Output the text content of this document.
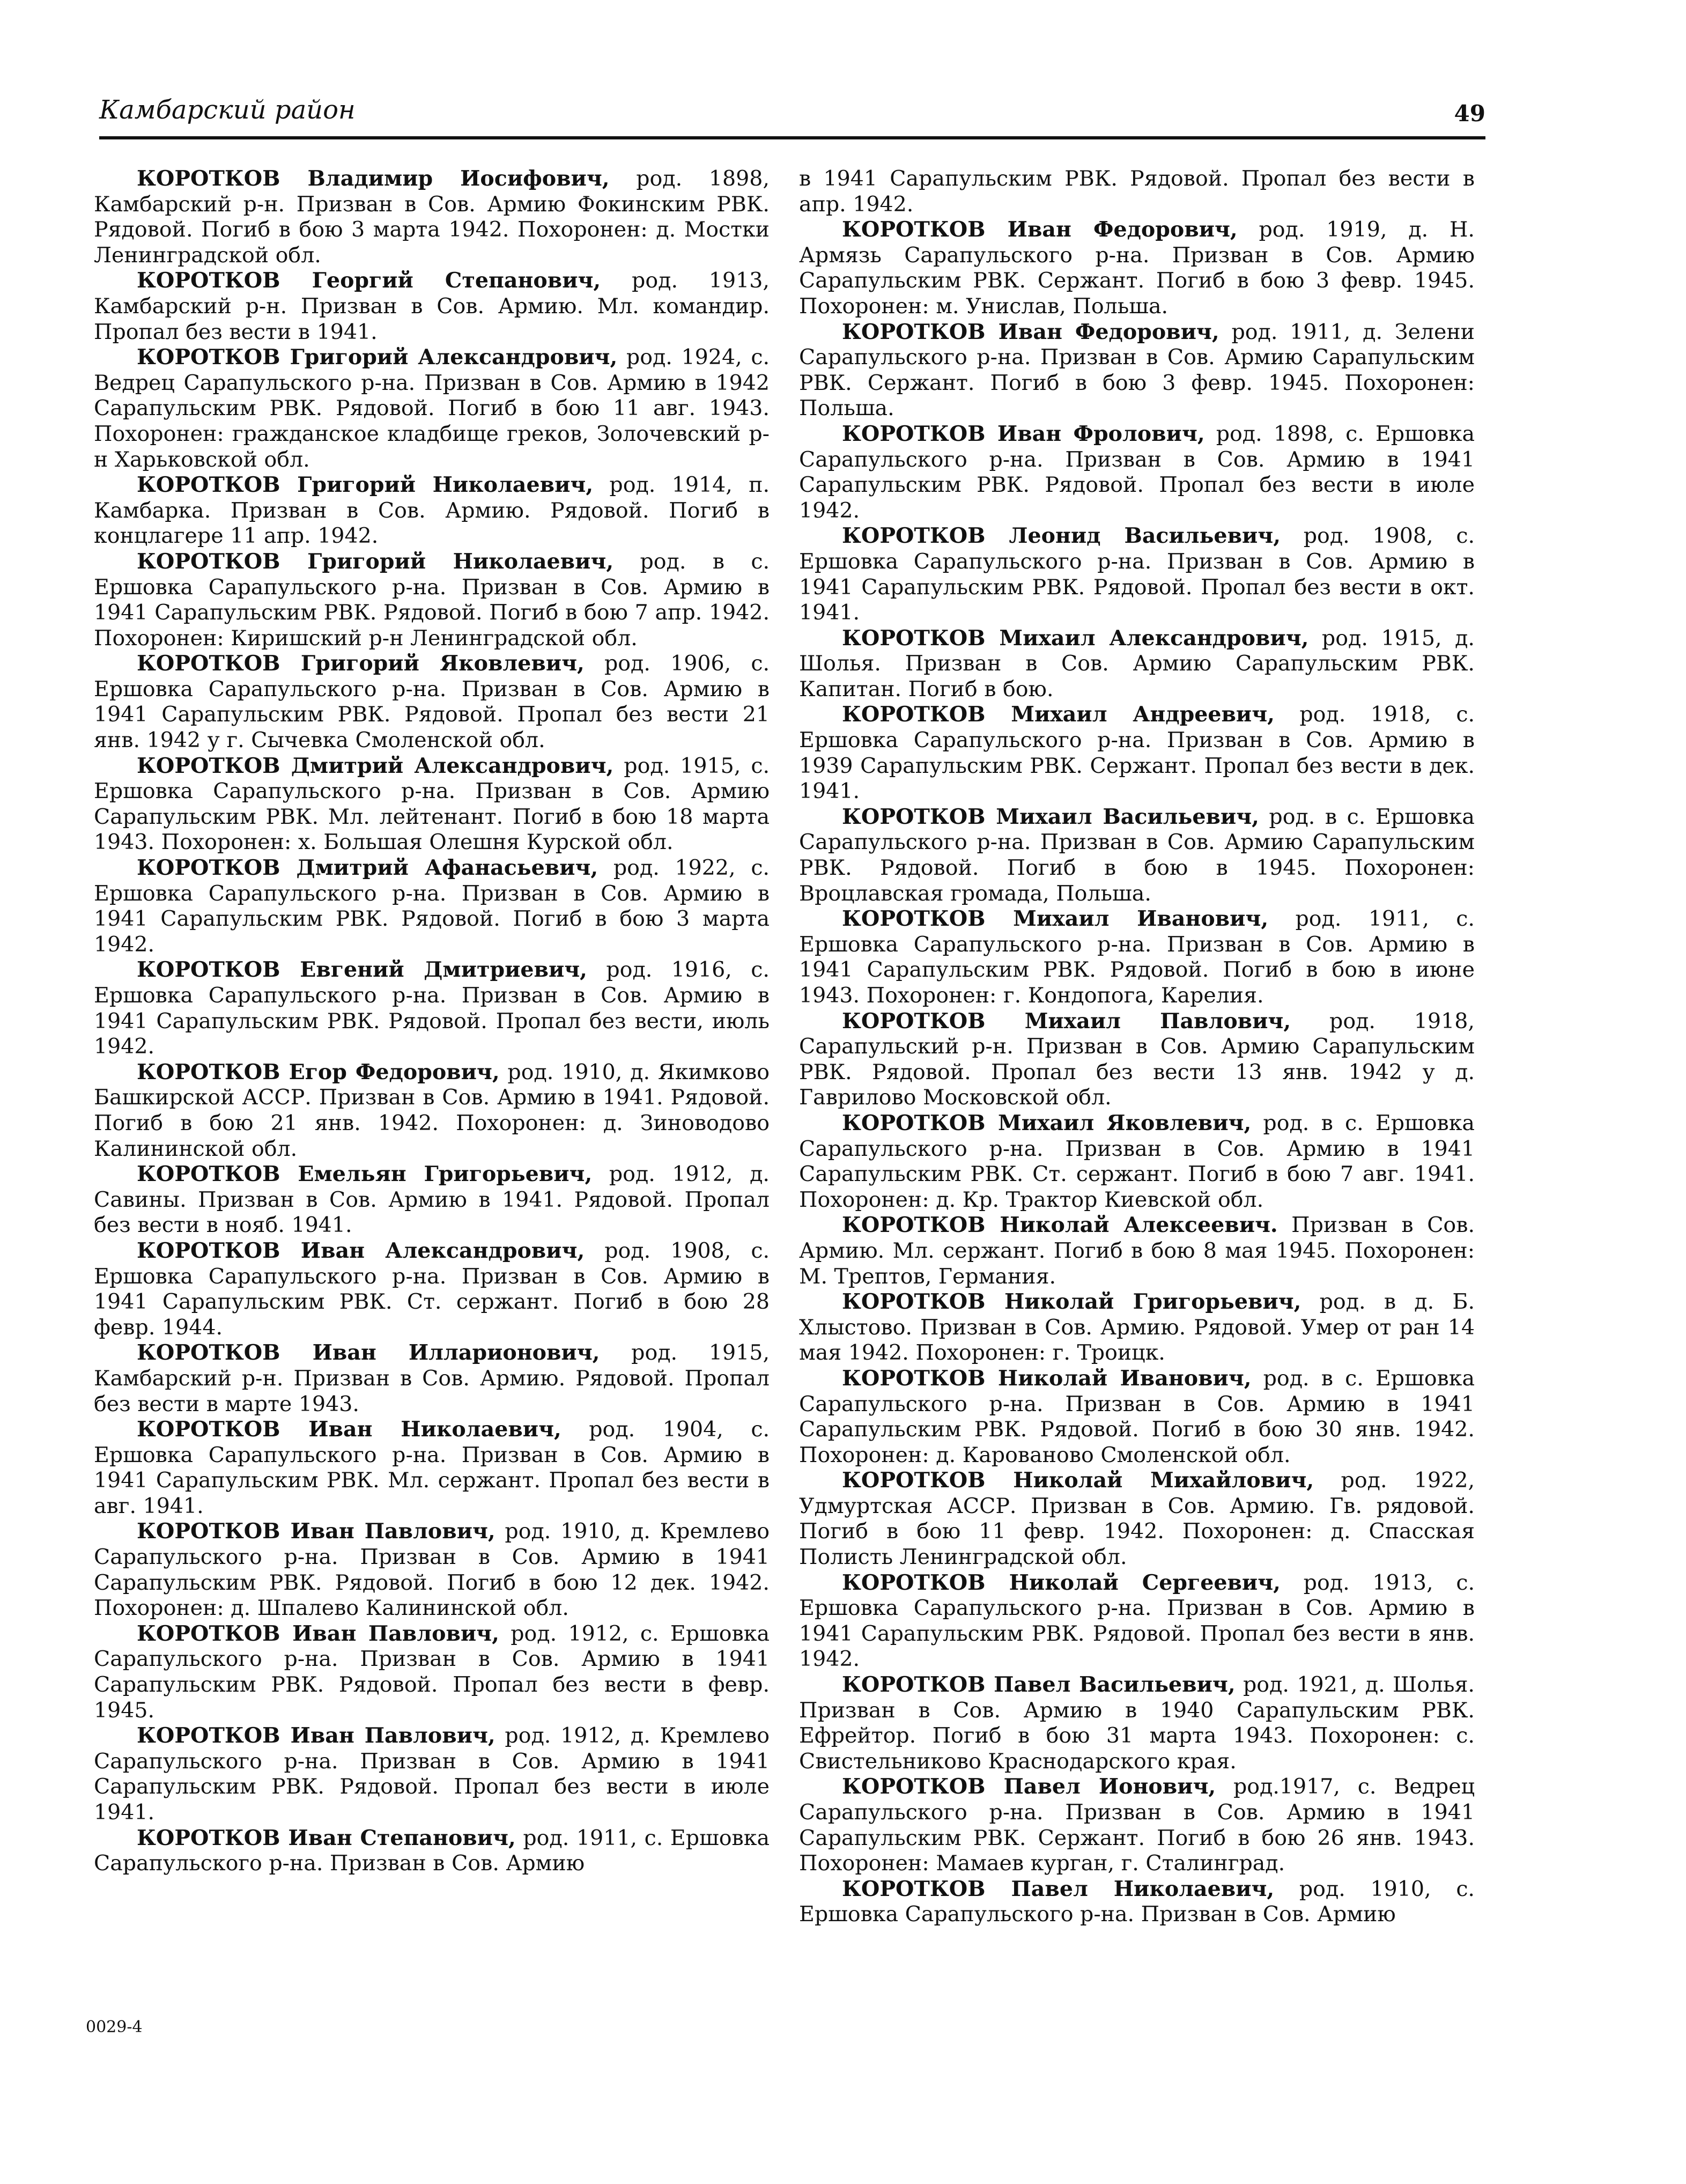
Камбарский район	49

КОРОТКОВ Владимир Иосифович, род. 1898, Камбарский р-н. Призван в Сов. Армию Фокинским РВК. Рядовой. Погиб в бою 3 марта 1942. Похоронен: д. Мостки Ленинградской обл.

КОРОТКОВ Георгий Степанович, род. 1913, Камбарский р-н. Призван в Сов. Армию. Мл. командир. Пропал без вести в 1941.

КОРОТКОВ Григорий Александрович, род. 1924, с. Ведрец Сарапульского р-на. Призван в Сов. Армию в 1942 Сарапульским РВК. Рядовой. Погиб в бою 11 авг. 1943. Похоронен: гражданское кладбище греков, Золочевский р-н Харьковской обл.

КОРОТКОВ Григорий Николаевич, род. 1914, п. Камбарка. Призван в Сов. Армию. Рядовой. Погиб в концлагере 11 апр. 1942.

КОРОТКОВ Григорий Николаевич, род. в с. Ершовка Сарапульского р-на. Призван в Сов. Армию в 1941 Сарапульским РВК. Рядовой. Погиб в бою 7 апр. 1942. Похоронен: Киришский р-н Ленинградской обл.

КОРОТКОВ Григорий Яковлевич, род. 1906, с. Ершовка Сарапульского р-на. Призван в Сов. Армию в 1941 Сарапульским РВК. Рядовой. Пропал без вести 21 янв. 1942 у г. Сычевка Смоленской обл.

КОРОТКОВ Дмитрий Александрович, род. 1915, с. Ершовка Сарапульского р-на. Призван в Сов. Армию Сарапульским РВК. Мл. лейтенант. Погиб в бою 18 марта 1943. Похоронен: х. Большая Олешня Курской обл.

КОРОТКОВ Дмитрий Афанасьевич, род. 1922, с. Ершовка Сарапульского р-на. Призван в Сов. Армию в 1941 Сарапульским РВК. Рядовой. Погиб в бою 3 марта 1942.

КОРОТКОВ Евгений Дмитриевич, род. 1916, с. Ершовка Сарапульского р-на. Призван в Сов. Армию в 1941 Сарапульским РВК. Рядовой. Пропал без вести, июль 1942.

КОРОТКОВ Егор Федорович, род. 1910, д. Якимково Башкирской АССР. Призван в Сов. Армию в 1941. Рядовой. Погиб в бою 21 янв. 1942. Похоронен: д. Зиноводово Калининской обл.

КОРОТКОВ Емельян Григорьевич, род. 1912, д. Савины. Призван в Сов. Армию в 1941. Рядовой. Пропал без вести в нояб. 1941.

КОРОТКОВ Иван Александрович, род. 1908, с. Ершовка Сарапульского р-на. Призван в Сов. Армию в 1941 Сарапульским РВК. Ст. сержант. Погиб в бою 28 февр. 1944.

КОРОТКОВ Иван Илларионович, род. 1915, Камбарский р-н. Призван в Сов. Армию. Рядовой. Пропал без вести в марте 1943.

КОРОТКОВ Иван Николаевич, род. 1904, с. Ершовка Сарапульского р-на. Призван в Сов. Армию в 1941 Сарапульским РВК. Мл. сержант. Пропал без вести в авг. 1941.

КОРОТКОВ Иван Павлович, род. 1910, д. Кремлево Сарапульского р-на. Призван в Сов. Армию в 1941 Сарапульским РВК. Рядовой. Погиб в бою 12 дек. 1942. Похоронен: д. Шпалево Калининской обл.

КОРОТКОВ Иван Павлович, род. 1912, с. Ершовка Сарапульского р-на. Призван в Сов. Армию в 1941 Сарапульским РВК. Рядовой. Пропал без вести в февр. 1945.

КОРОТКОВ Иван Павлович, род. 1912, д. Кремлево Сарапульского р-на. Призван в Сов. Армию в 1941 Сарапульским РВК. Рядовой. Пропал без вести в июле 1941.

КОРОТКОВ Иван Степанович, род. 1911, с. Ершовка Сарапульского р-на. Призван в Сов. Армию

в 1941 Сарапульским РВК. Рядовой. Пропал без вести в апр. 1942.

КОРОТКОВ Иван Федорович, род. 1919, д. Н. Армязь Сарапульского р-на. Призван в Сов. Армию Сарапульским РВК. Сержант. Погиб в бою 3 февр. 1945. Похоронен: м. Унислав, Польша.

КОРОТКОВ Иван Федорович, род. 1911, д. Зелени Сарапульского р-на. Призван в Сов. Армию Сарапульским РВК. Сержант. Погиб в бою 3 февр. 1945. Похоронен: Польша.

КОРОТКОВ Иван Фролович, род. 1898, с. Ершовка Сарапульского р-на. Призван в Сов. Армию в 1941 Сарапульским РВК. Рядовой. Пропал без вести в июле 1942.

КОРОТКОВ Леонид Васильевич, род. 1908, с. Ершовка Сарапульского р-на. Призван в Сов. Армию в 1941 Сарапульским РВК. Рядовой. Пропал без вести в окт. 1941.

КОРОТКОВ Михаил Александрович, род. 1915, д. Шолья. Призван в Сов. Армию Сарапульским РВК. Капитан. Погиб в бою.

КОРОТКОВ Михаил Андреевич, род. 1918, с. Ершовка Сарапульского р-на. Призван в Сов. Армию в 1939 Сарапульским РВК. Сержант. Пропал без вести в дек. 1941.

КОРОТКОВ Михаил Васильевич, род. в с. Ершовка Сарапульского р-на. Призван в Сов. Армию Сарапульским РВК. Рядовой. Погиб в бою в 1945. Похоронен: Вроцлавская громада, Польша.

КОРОТКОВ Михаил Иванович, род. 1911, с. Ершовка Сарапульского р-на. Призван в Сов. Армию в 1941 Сарапульским РВК. Рядовой. Погиб в бою в июне 1943. Похоронен: г. Кондопога, Карелия.

КОРОТКОВ Михаил Павлович, род. 1918, Сарапульский р-н. Призван в Сов. Армию Сарапульским РВК. Рядовой. Пропал без вести 13 янв. 1942 у д. Гаврилово Московской обл.

КОРОТКОВ Михаил Яковлевич, род. в с. Ершовка Сарапульского р-на. Призван в Сов. Армию в 1941 Сарапульским РВК. Ст. сержант. Погиб в бою 7 авг. 1941. Похоронен: д. Кр. Трактор Киевской обл.

КОРОТКОВ Николай Алексеевич. Призван в Сов. Армию. Мл. сержант. Погиб в бою 8 мая 1945. Похоронен: М. Трептов, Германия.

КОРОТКОВ Николай Григорьевич, род. в д. Б. Хлыстово. Призван в Сов. Армию. Рядовой. Умер от ран 14 мая 1942. Похоронен: г. Троицк.

КОРОТКОВ Николай Иванович, род. в с. Ершовка Сарапульского р-на. Призван в Сов. Армию в 1941 Сарапульским РВК. Рядовой. Погиб в бою 30 янв. 1942. Похоронен: д. Карованово Смоленской обл.

КОРОТКОВ Николай Михайлович, род. 1922, Удмуртская АССР. Призван в Сов. Армию. Гв. рядовой. Погиб в бою 11 февр. 1942. Похоронен: д. Спасская Полисть Ленинградской обл.

КОРОТКОВ Николай Сергеевич, род. 1913, с. Ершовка Сарапульского р-на. Призван в Сов. Армию в 1941 Сарапульским РВК. Рядовой. Пропал без вести в янв. 1942.

КОРОТКОВ Павел Васильевич, род. 1921, д. Шолья. Призван в Сов. Армию в 1940 Сарапульским РВК. Ефрейтор. Погиб в бою 31 марта 1943. Похоронен: с. Свистельниково Краснодарского края.

КОРОТКОВ Павел Ионович, род.1917, с. Ведрец Сарапульского р-на. Призван в Сов. Армию в 1941 Сарапульским РВК. Сержант. Погиб в бою 26 янв. 1943. Похоронен: Мамаев курган, г. Сталинград.

КОРОТКОВ Павел Николаевич, род. 1910, с. Ершовка Сарапульского р-на. Призван в Сов. Армию

0029-4
